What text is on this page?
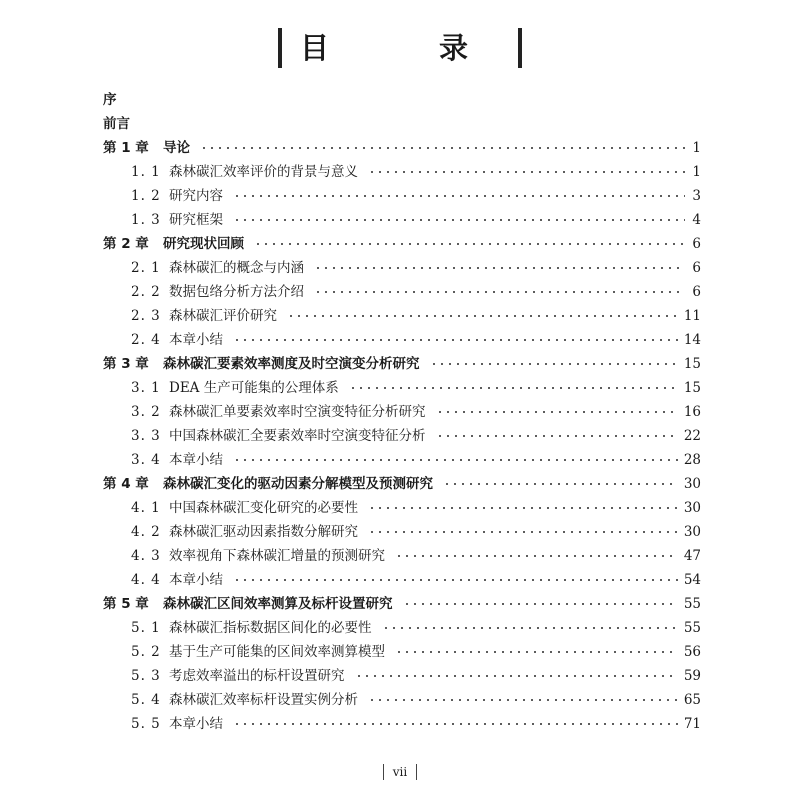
目 录
序
前言
第 1 章	导论	1
1. 1 森林碳汇效率评价的背景与意义	1
1. 2 研究内容	3
1. 3 研究框架	4
第 2 章	研究现状回顾	6
2. 1 森林碳汇的概念与内涵	6
2. 2 数据包络分析方法介绍	6
2. 3 森林碳汇评价研究	11
2. 4 本章小结	14
第 3 章	森林碳汇要素效率测度及时空演变分析研究	15
3. 1 DEA 生产可能集的公理体系	15
3. 2 森林碳汇单要素效率时空演变特征分析研究	16
3. 3 中国森林碳汇全要素效率时空演变特征分析	22
3. 4 本章小结	28
第 4 章	森林碳汇变化的驱动因素分解模型及预测研究	30
4. 1 中国森林碳汇变化研究的必要性	30
4. 2 森林碳汇驱动因素指数分解研究	30
4. 3 效率视角下森林碳汇增量的预测研究	47
4. 4 本章小结	54
第 5 章	森林碳汇区间效率测算及标杆设置研究	55
5. 1 森林碳汇指标数据区间化的必要性	55
5. 2 基于生产可能集的区间效率测算模型	56
5. 3 考虑效率溢出的标杆设置研究	59
5. 4 森林碳汇效率标杆设置实例分析	65
5. 5 本章小结	71
vii
